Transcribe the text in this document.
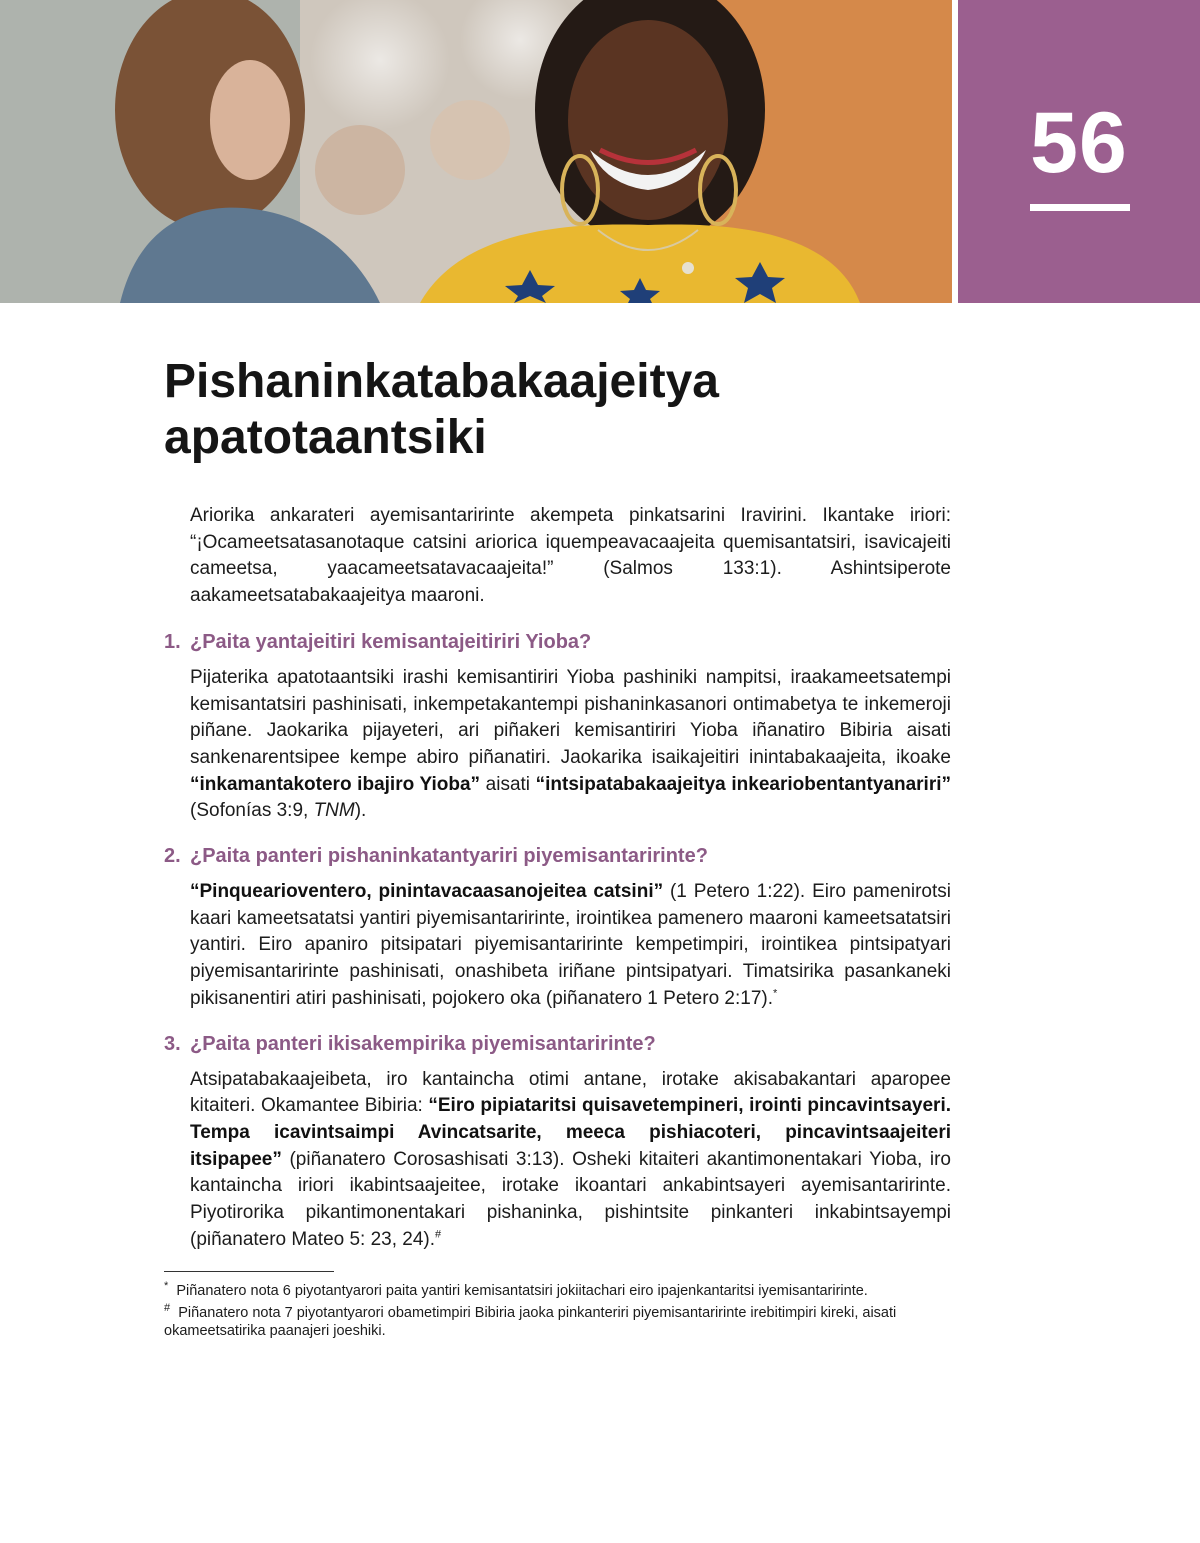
56
Pishaninkatabakaajeitya apatotaantsiki

Ariorika ankarateri ayemisantaririnte akempeta pinkatsarini Iravirini. Ikantake iriori: “¡Ocameetsatasanotaque catsini ariorica iquempeavacaajeita quemisantatsiri, isavicajeiti cameetsa, yaacameetsatavacaajeita!” (Salmos 133:1). Ashintsiperote aakameetsatabakaajeitya maaroni.

1. ¿Paita yantajeitiri kemisantajeitiriri Yioba?

Pijaterika apatotaantsiki irashi kemisantiriri Yioba pashiniki nampitsi, iraakameetsatempi kemisantatsiri pashinisati, inkempetakantempi pishaninkasanori ontimabetya te inkemeroji piñane. Jaokarika pijayeteri, ari piñakeri kemisantiriri Yioba iñanatiro Bibiria aisati sankenarentsipee kempe abiro piñanatiri. Jaokarika isaikajeitiri inintabakaajeita, ikoake “inkamantakotero ibajiro Yioba” aisati “intsipatabakaajeitya inkeariobentantyanariri” (Sofonías 3:9, TNM).

2. ¿Paita panteri pishaninkatantyariri piyemisantaririnte?

“Pinquearioventero, pinintavacaasanojeitea catsini” (1 Petero 1:22). Eiro pamenirotsi kaari kameetsatatsi yantiri piyemisantaririnte, irointikea pamenero maaroni kameetsatatsiri yantiri. Eiro apaniro pitsipatari piyemisantaririnte kempetimpiri, irointikea pintsipatyari piyemisantaririnte pashinisati, onashibeta iriñane pintsipatyari. Timatsirika pasankaneki pikisanentiri atiri pashinisati, pojokero oka (piñanatero 1 Petero 2:17).*

3. ¿Paita panteri ikisakempirika piyemisantaririnte?

Atsipatabakaajeibeta, iro kantaincha otimi antane, irotake akisabakantari aparopee kitaiteri. Okamantee Bibiria: “Eiro pipiataritsi quisavetempineri, irointi pincavintsayeri. Tempa icavintsaimpi Avincatsarite, meeca pishiacoteri, pincavintsaajeiteri itsipapee” (piñanatero Corosashisati 3:13). Osheki kitaiteri akantimonentakari Yioba, iro kantaincha iriori ikabintsaajeitee, irotake ikoantari ankabintsayeri ayemisantaririnte. Piyotirorika pikantimonentakari pishaninka, pishintsite pinkanteri inkabintsayempi (piñanatero Mateo 5: 23, 24).#

* Piñanatero nota 6 piyotantyarori paita yantiri kemisantatsiri jokiitachari eiro ipajenkantaritsi iyemisantaririnte.

# Piñanatero nota 7 piyotantyarori obametimpiri Bibiria jaoka pinkanteriri piyemisantaririnte irebitimpiri kireki, aisati okameetsatirika paanajeri joeshiki.
